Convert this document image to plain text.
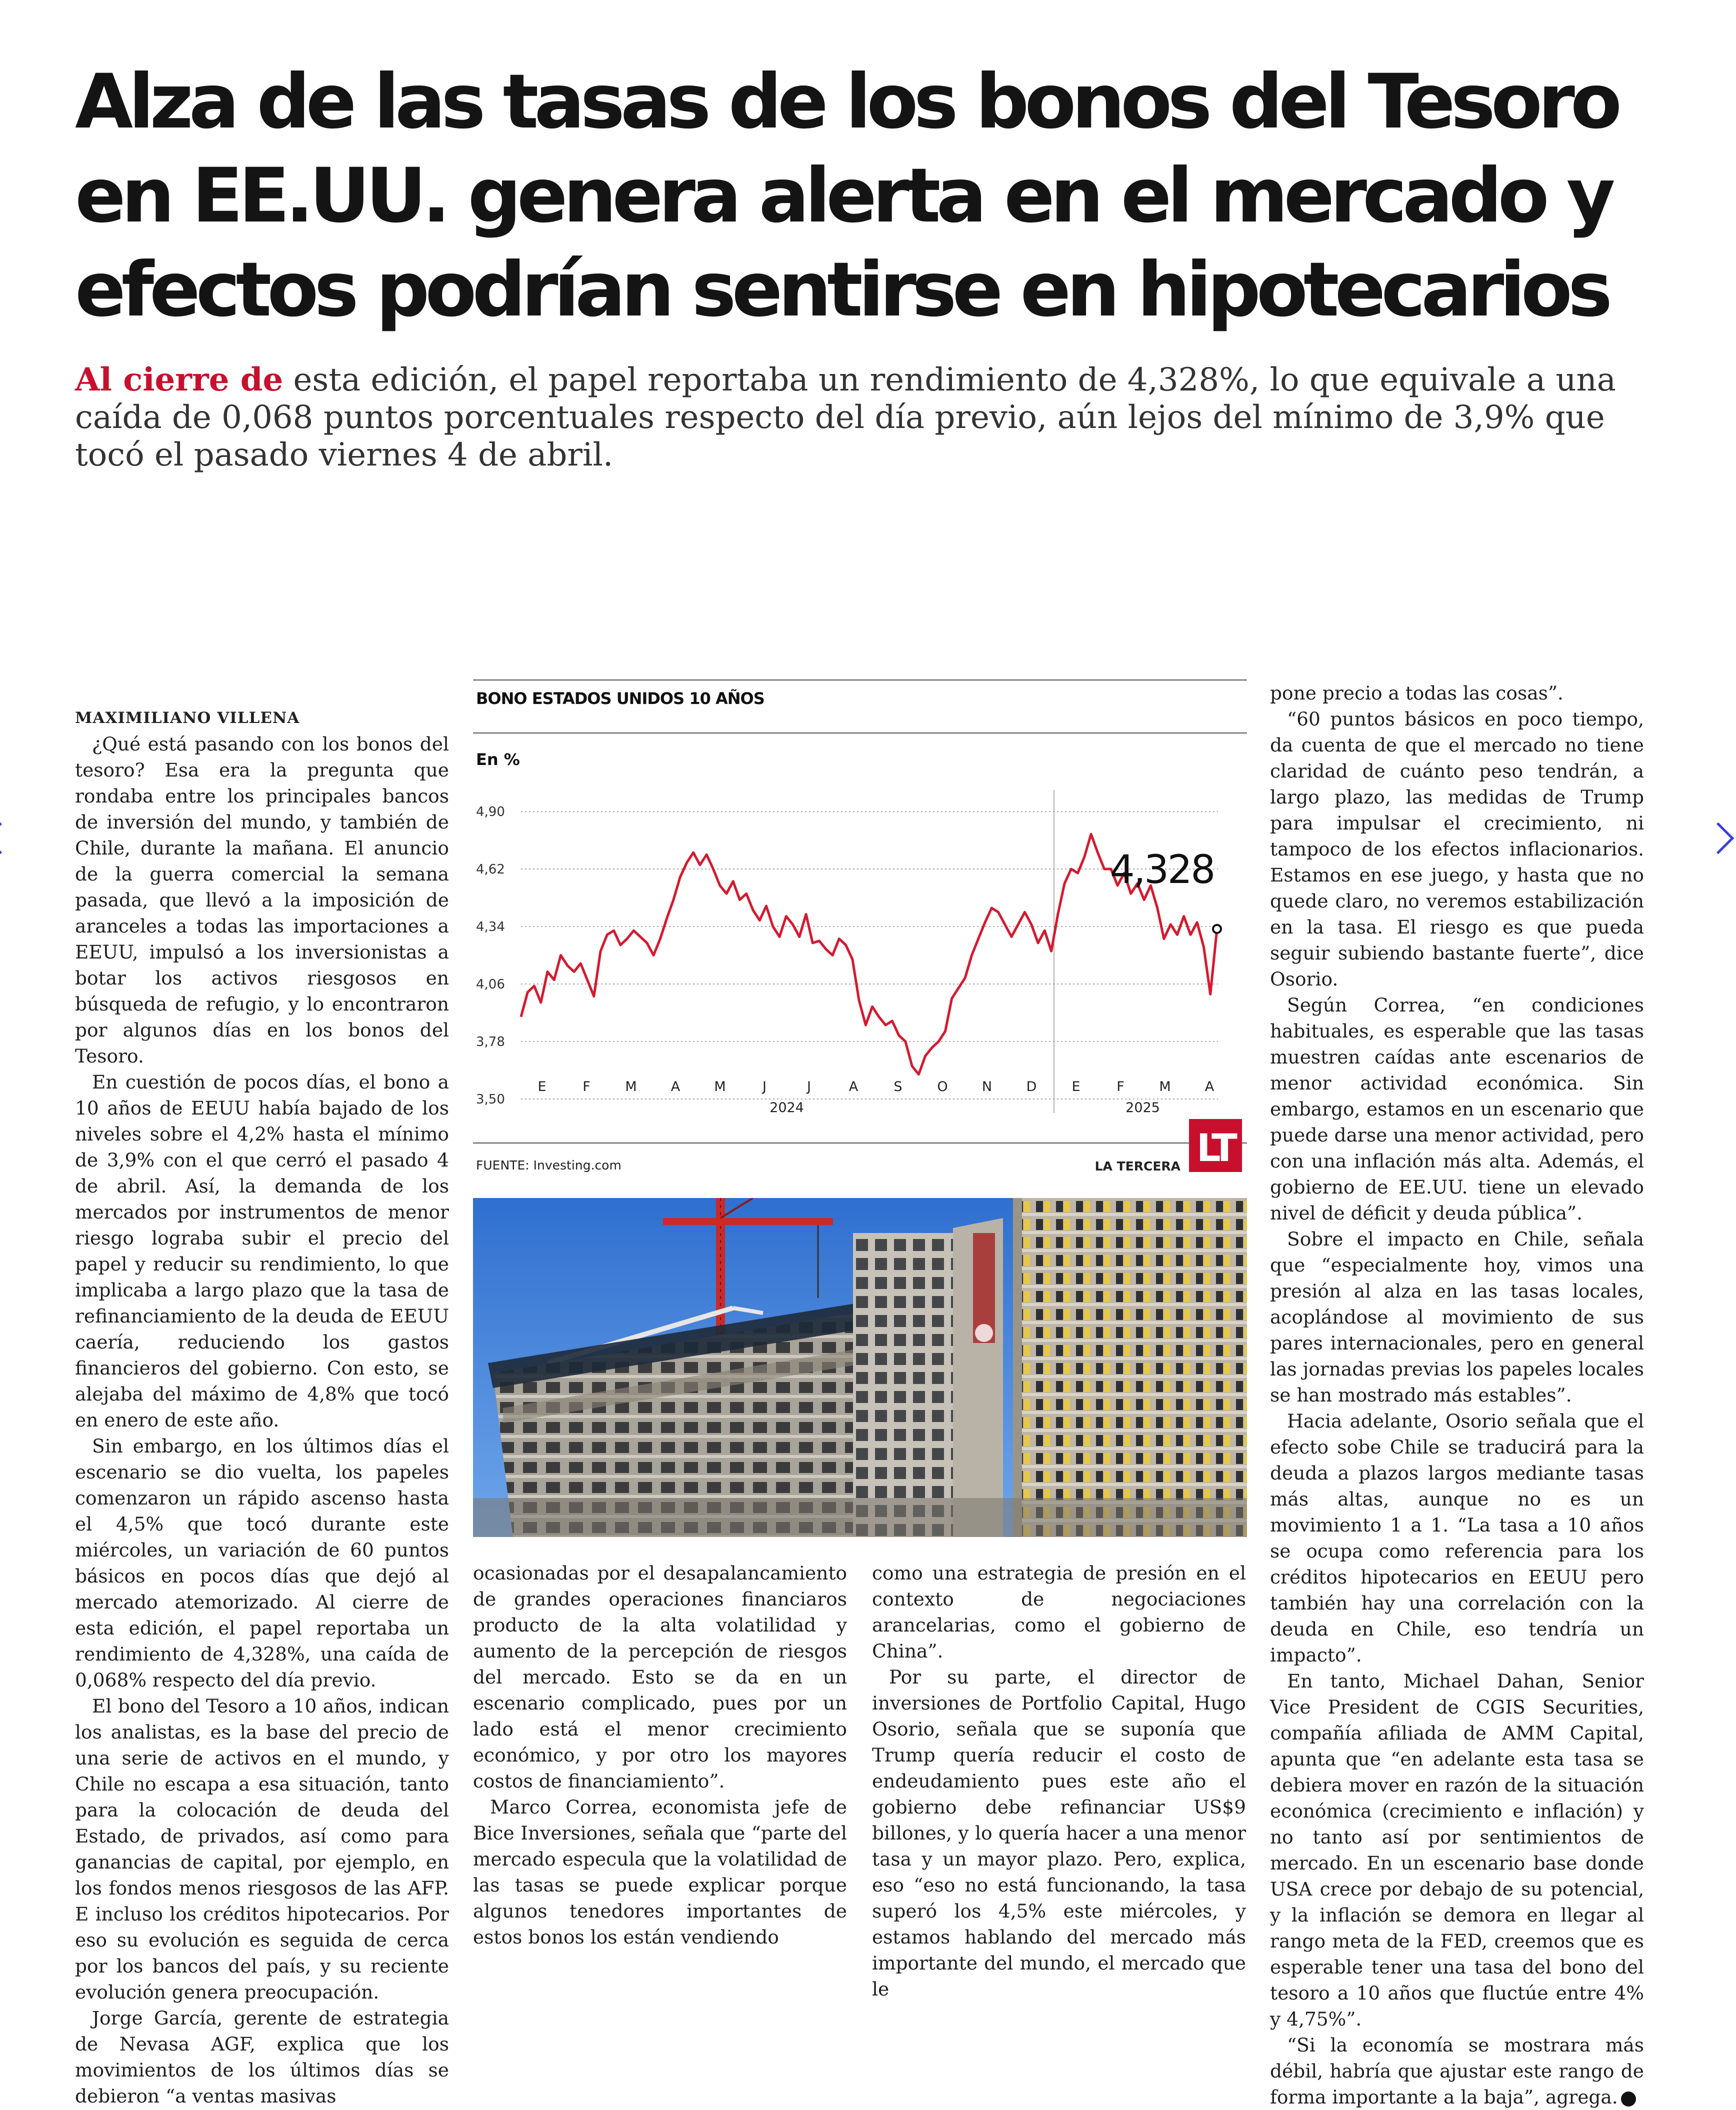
Alza de las tasas de los bonos del Tesoro
en EE.UU. genera alerta en el mercado y
efectos podrían sentirse en hipotecarios

Al cierre de esta edición, el papel reportaba un rendimiento de 4,328%, lo que equivale a una caída de 0,068 puntos porcentuales respecto del día previo, aún lejos del mínimo de 3,9% que tocó el pasado viernes 4 de abril.

MAXIMILIANO VILLENA

¿Qué está pasando con los bonos del tesoro? Esa era la pregunta que rondaba entre los principales bancos de inversión del mundo, y también de Chile, durante la mañana. El anuncio de la guerra comercial la semana pasada, que llevó a la imposición de aranceles a todas las importaciones a EEUU, impulsó a los inversionistas a botar los activos riesgosos en búsqueda de refugio, y lo encontraron por algunos días en los bonos del Tesoro.

En cuestión de pocos días, el bono a 10 años de EEUU había bajado de los niveles sobre el 4,2% hasta el mínimo de 3,9% con el que cerró el pasado 4 de abril. Así, la demanda de los mercados por instrumentos de menor riesgo lograba subir el precio del papel y reducir su rendimiento, lo que implicaba a largo plazo que la tasa de refinanciamiento de la deuda de EEUU caería, reduciendo los gastos financieros del gobierno. Con esto, se alejaba del máximo de 4,8% que tocó en enero de este año.

Sin embargo, en los últimos días el escenario se dio vuelta, los papeles comenzaron un rápido ascenso hasta el 4,5% que tocó durante este miércoles, un variación de 60 puntos básicos en pocos días que dejó al mercado atemorizado. Al cierre de esta edición, el papel reportaba un rendimiento de 4,328%, una caída de 0,068% respecto del día previo.

El bono del Tesoro a 10 años, indican los analistas, es la base del precio de una serie de activos en el mundo, y Chile no escapa a esa situación, tanto para la colocación de deuda del Estado, de privados, así como para ganancias de capital, por ejemplo, en los fondos menos riesgosos de las AFP. E incluso los créditos hipotecarios. Por eso su evolución es seguida de cerca por los bancos del país, y su reciente evolución genera preocupación.

Jorge García, gerente de estrategia de Nevasa AGF, explica que los movimientos de los últimos días se debieron “a ventas masivas

BONO ESTADOS UNIDOS 10 AÑOS
En %
4,90
4,62
4,34
4,06
3,78
3,50
E	F	M	A	M	J	J	A	S	O	N	D	E	F	M	A
2024	2025
4,328
FUENTE: Investing.com	LA TERCERA LT

ocasionadas por el desapalancamiento de grandes operaciones financiaros producto de la alta volatilidad y aumento de la percepción de riesgos del mercado. Esto se da en un escenario complicado, pues por un lado está el menor crecimiento económico, y por otro los mayores costos de financiamiento”.

Marco Correa, economista jefe de Bice Inversiones, señala que “parte del mercado especula que la volatilidad de las tasas se puede explicar porque algunos tenedores importantes de estos bonos los están vendiendo

como una estrategia de presión en el contexto de negociaciones arancelarias, como el gobierno de China”.

Por su parte, el director de inversiones de Portfolio Capital, Hugo Osorio, señala que se suponía que Trump quería reducir el costo de endeudamiento pues este año el gobierno debe refinanciar US$9 billones, y lo quería hacer a una menor tasa y un mayor plazo. Pero, explica, eso “eso no está funcionando, la tasa superó los 4,5% este miércoles, y estamos hablando del mercado más importante del mundo, el mercado que le

pone precio a todas las cosas”.

“60 puntos básicos en poco tiempo, da cuenta de que el mercado no tiene claridad de cuánto peso tendrán, a largo plazo, las medidas de Trump para impulsar el crecimiento, ni tampoco de los efectos inflacionarios. Estamos en ese juego, y hasta que no quede claro, no veremos estabilización en la tasa. El riesgo es que pueda seguir subiendo bastante fuerte”, dice Osorio.

Según Correa, “en condiciones habituales, es esperable que las tasas muestren caídas ante escenarios de menor actividad económica. Sin embargo, estamos en un escenario que puede darse una menor actividad, pero con una inflación más alta. Además, el gobierno de EE.UU. tiene un elevado nivel de déficit y deuda pública”.

Sobre el impacto en Chile, señala que “especialmente hoy, vimos una presión al alza en las tasas locales, acoplándose al movimiento de sus pares internacionales, pero en general las jornadas previas los papeles locales se han mostrado más estables”.

Hacia adelante, Osorio señala que el efecto sobe Chile se traducirá para la deuda a plazos largos mediante tasas más altas, aunque no es un movimiento 1 a 1. “La tasa a 10 años se ocupa como referencia para los créditos hipotecarios en EEUU pero también hay una correlación con la deuda en Chile, eso tendría un impacto”.

En tanto, Michael Dahan, Senior Vice President de CGIS Securities, compañía afiliada de AMM Capital, apunta que “en adelante esta tasa se debiera mover en razón de la situación económica (crecimiento e inflación) y no tanto así por sentimientos de mercado. En un escenario base donde USA crece por debajo de su potencial, y la inflación se demora en llegar al rango meta de la FED, creemos que es esperable tener una tasa del bono del tesoro a 10 años que fluctúe entre 4% y 4,75%”.

“Si la economía se mostrara más débil, habría que ajustar este rango de forma importante a la baja”, agrega. P
